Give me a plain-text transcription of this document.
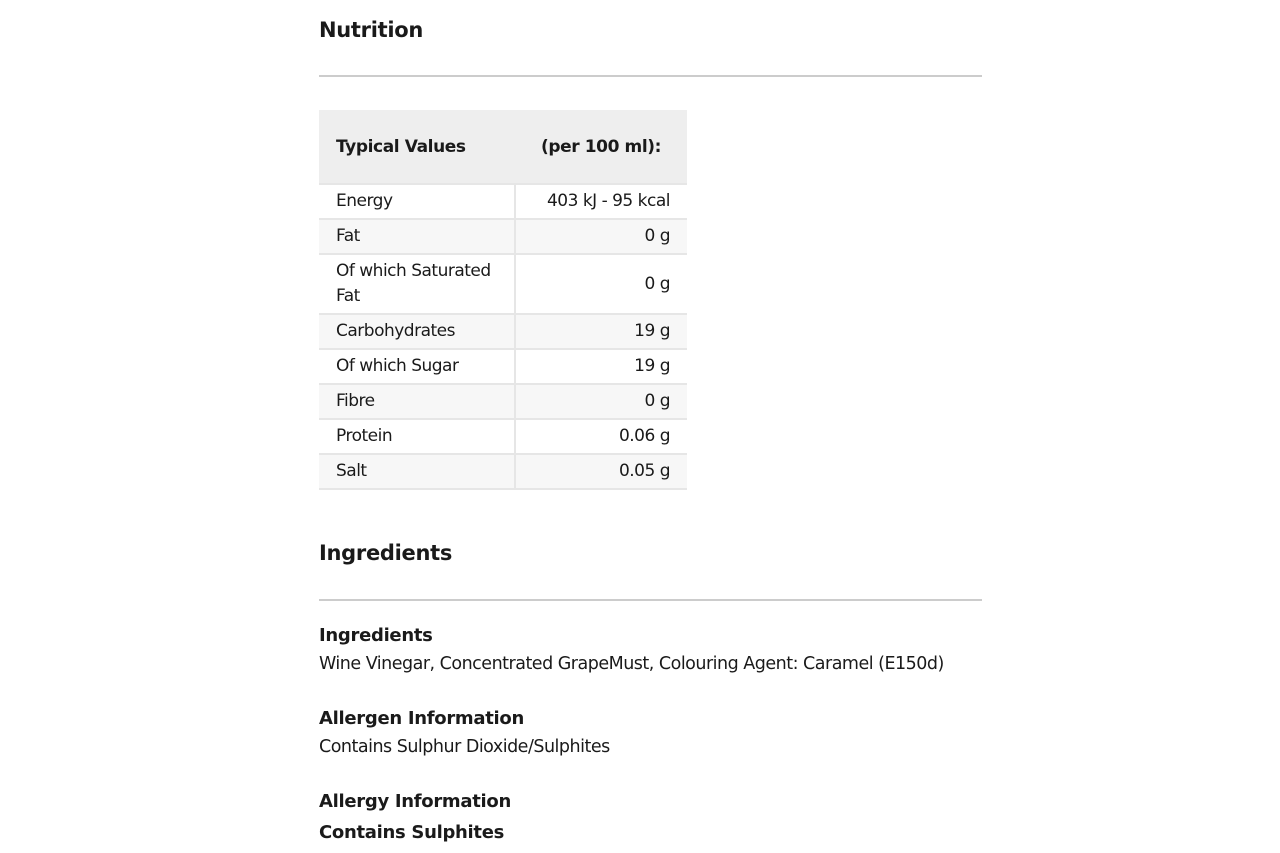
Nutrition
Typical Values	(per 100 ml):
Energy	403 kJ - 95 kcal
Fat	0 g
Of which Saturated Fat	0 g
Carbohydrates	19 g
Of which Sugar	19 g
Fibre	0 g
Protein	0.06 g
Salt	0.05 g
Ingredients

Ingredients

Wine Vinegar, Concentrated GrapeMust, Colouring Agent: Caramel (E150d)

Allergen Information

Contains Sulphur Dioxide/Sulphites

Allergy Information

Contains Sulphites
